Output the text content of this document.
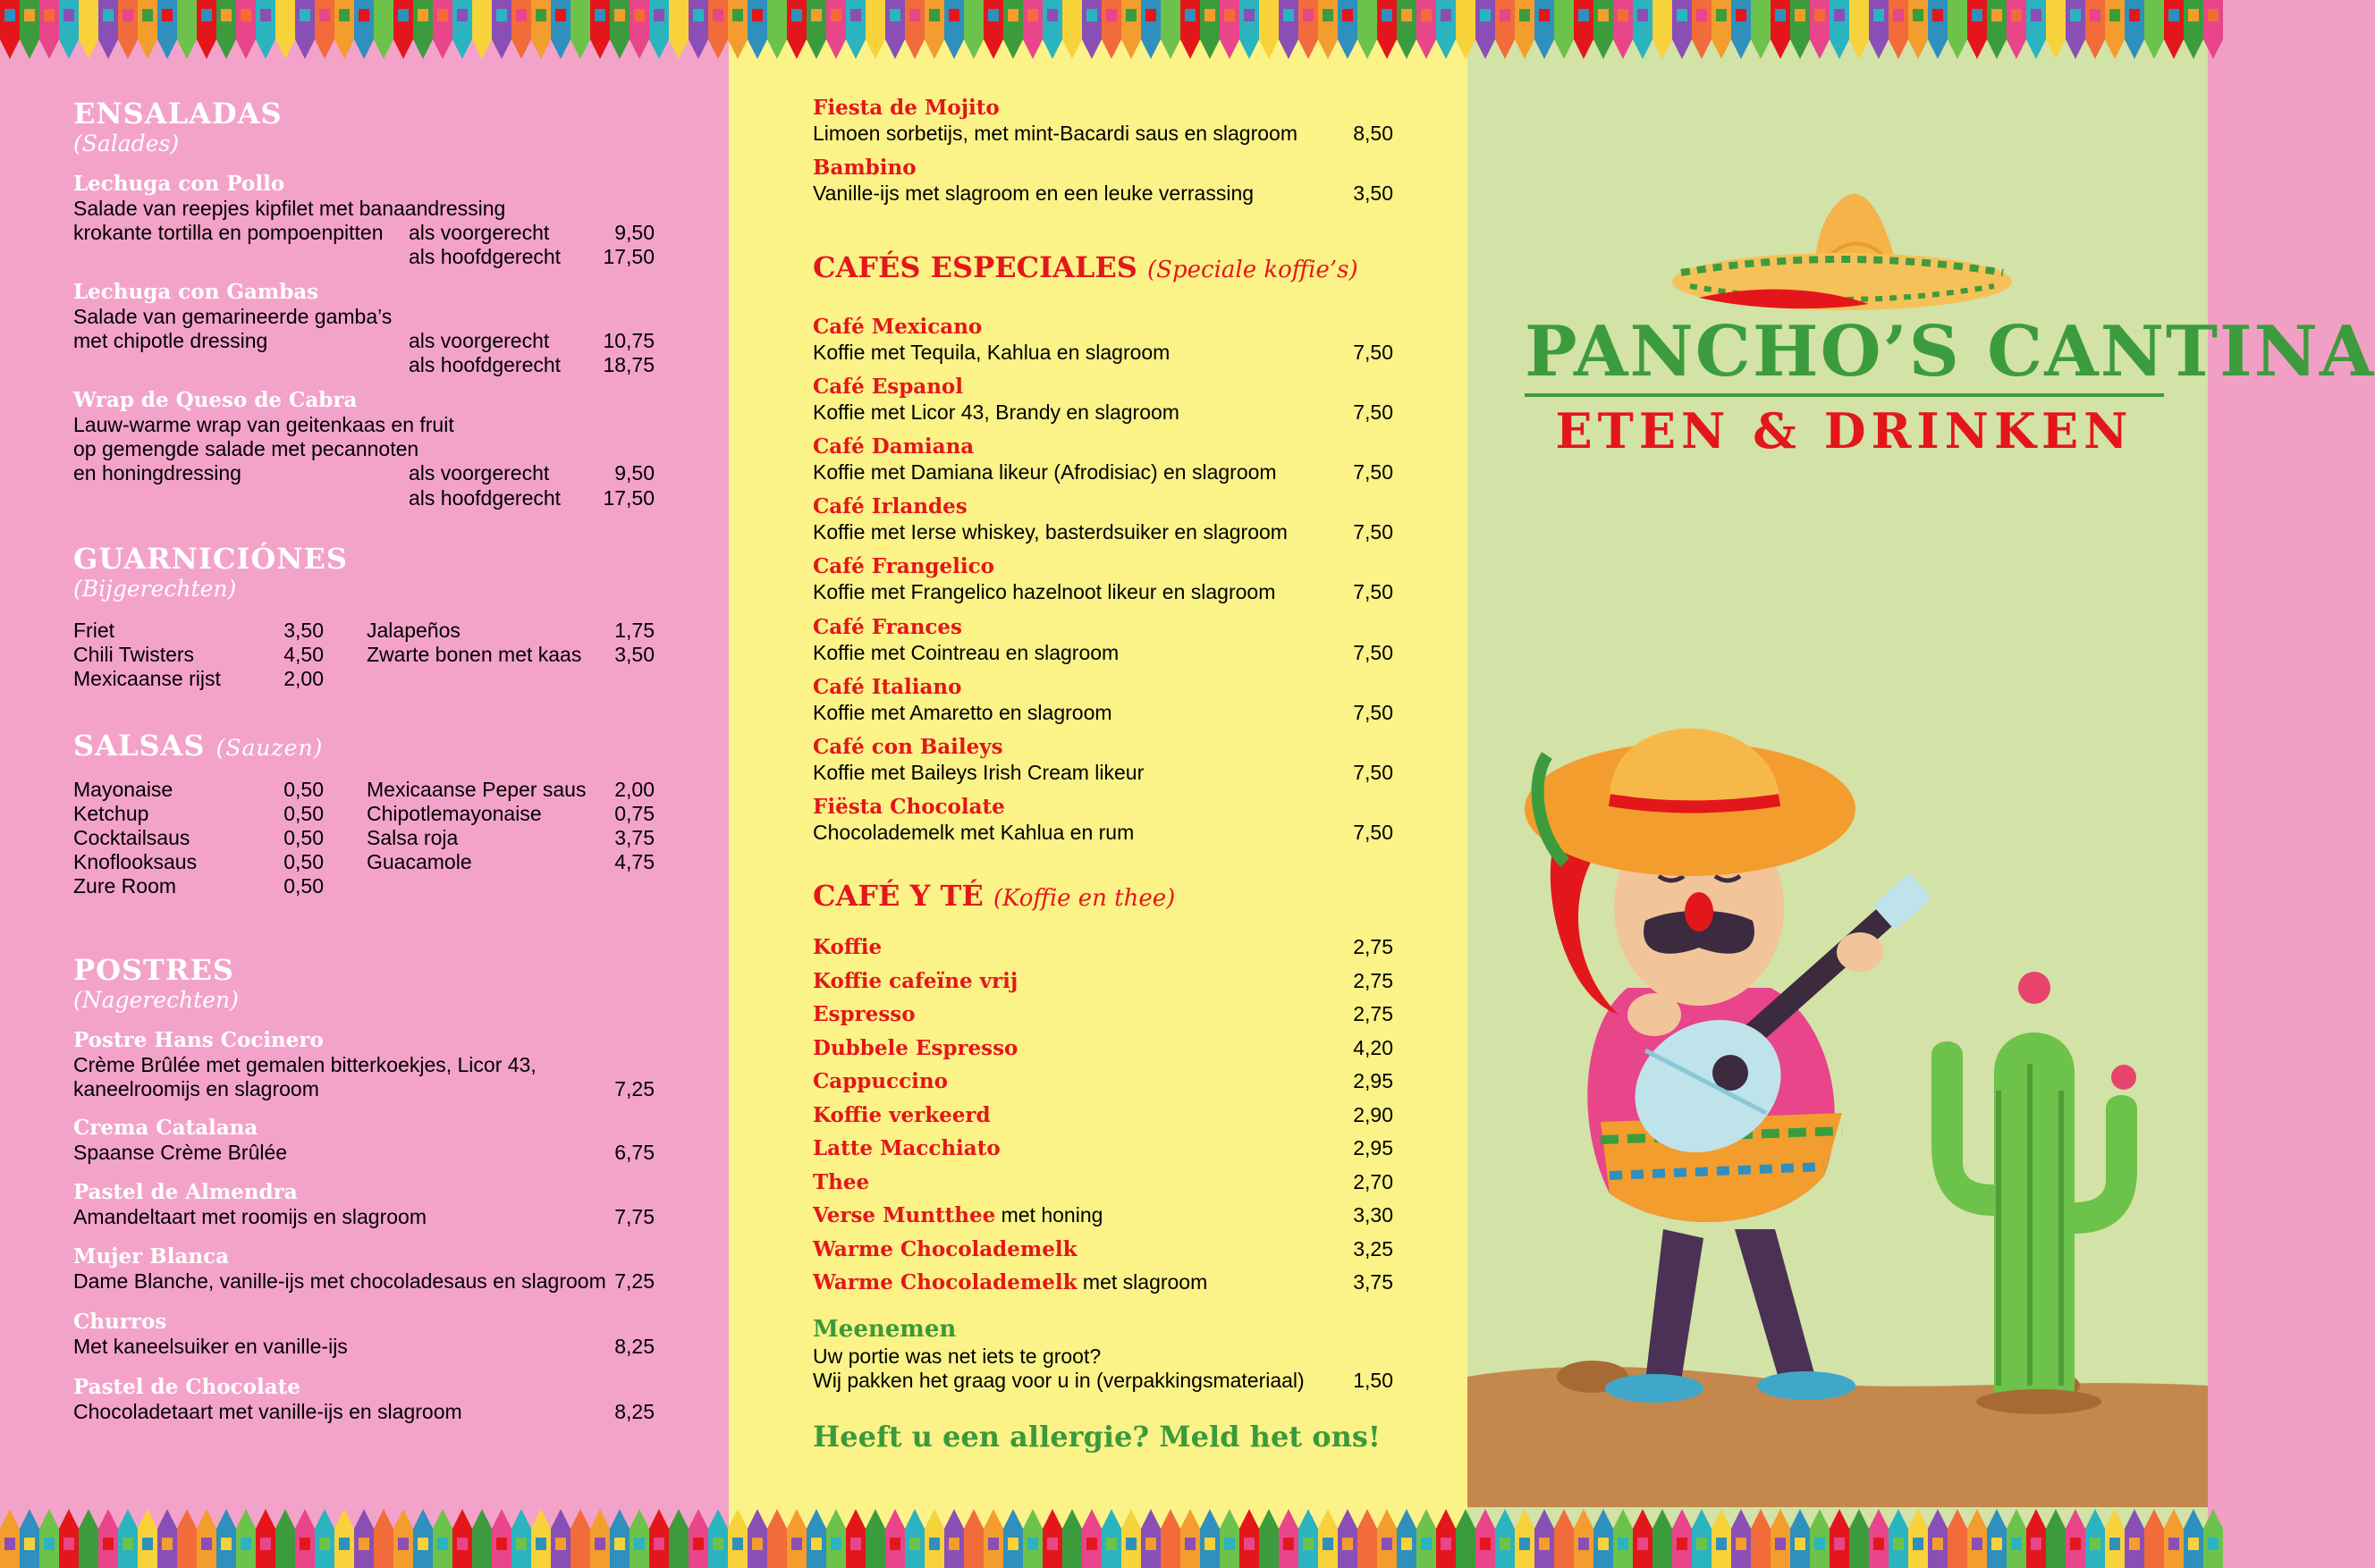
ENSALADAS
(Salades)
Lechuga con Pollo
Salade van reepjes kipfilet met banaandressing
krokante tortilla en pompoenpitten als voorgerecht	9,50
als hoofdgerecht	17,50
Lechuga con Gambas
Salade van gemarineerde gamba’s
met chipotle dressing	als voorgerecht	10,75
als hoofdgerecht	18,75
Wrap de Queso de Cabra
Lauw-warme wrap van geitenkaas en fruit
op gemengde salade met pecannoten
en honingdressing	als voorgerecht	9,50
als hoofdgerecht	17,50
GUARNICIÓNES
(Bijgerechten)
Friet	3,50
Chili Twisters	4,50
Mexicaanse rijst	2,00
Jalapeños	1,75
Zwarte bonen met kaas	3,50
SALSAS (Sauzen)
Mayonaise	0,50
Ketchup	0,50
Cocktailsaus	0,50
Knoflooksaus	0,50
Zure Room	0,50
Mexicaanse Peper saus	2,00
Chipotlemayonaise	0,75
Salsa roja	3,75
Guacamole	4,75
POSTRES
(Nagerechten)
Postre Hans Cocinero
Crème Brûlée met gemalen bitterkoekjes, Licor 43,
kaneelroomijs en slagroom	7,25
Crema Catalana
Spaanse Crème Brûlée	6,75
Pastel de Almendra
Amandeltaart met roomijs en slagroom	7,75
Mujer Blanca
Dame Blanche, vanille-ijs met chocoladesaus en slagroom 7,25
Churros
Met kaneelsuiker en vanille-ijs	8,25
Pastel de Chocolate
Chocoladetaart met vanille-ijs en slagroom	8,25
Fiesta de Mojito
Limoen sorbetijs, met mint-Bacardi saus en slagroom	8,50
Bambino
Vanille-ijs met slagroom en een leuke verrassing	3,50
CAFÉS ESPECIALES (Speciale koffie’s)
CAFÉ Y TÉ (Koffie en thee)
Meenemen
Uw portie was net iets te groot?
Wij pakken het graag voor u in (verpakkingsmateriaal)	1,50
Heeft u een allergie? Meld het ons!
PANCHO’S CANTINA
ETEN & DRINKEN
Café Mexicano
Koffie met Tequila, Kahlua en slagroom	7,50
Café Espanol
Koffie met Licor 43, Brandy en slagroom	7,50
Café Damiana
Koffie met Damiana likeur (Afrodisiac) en slagroom	7,50
Café Irlandes
Koffie met Ierse whiskey, basterdsuiker en slagroom	7,50
Café Frangelico
Koffie met Frangelico hazelnoot likeur en slagroom	7,50
Café Frances
Koffie met Cointreau en slagroom	7,50
Café Italiano
Koffie met Amaretto en slagroom	7,50
Café con Baileys
Koffie met Baileys Irish Cream likeur	7,50
Fiësta Chocolate
Chocolademelk met Kahlua en rum	7,50
Koffie	2,75
Koffie cafeïne vrij	2,75
Espresso	2,75
Dubbele Espresso	4,20
Cappuccino	2,95
Koffie verkeerd	2,90
Latte Macchiato	2,95
Thee	2,70
Verse Muntthee met honing	3,30
Warme Chocolademelk	3,25
Warme Chocolademelk met slagroom	3,75
